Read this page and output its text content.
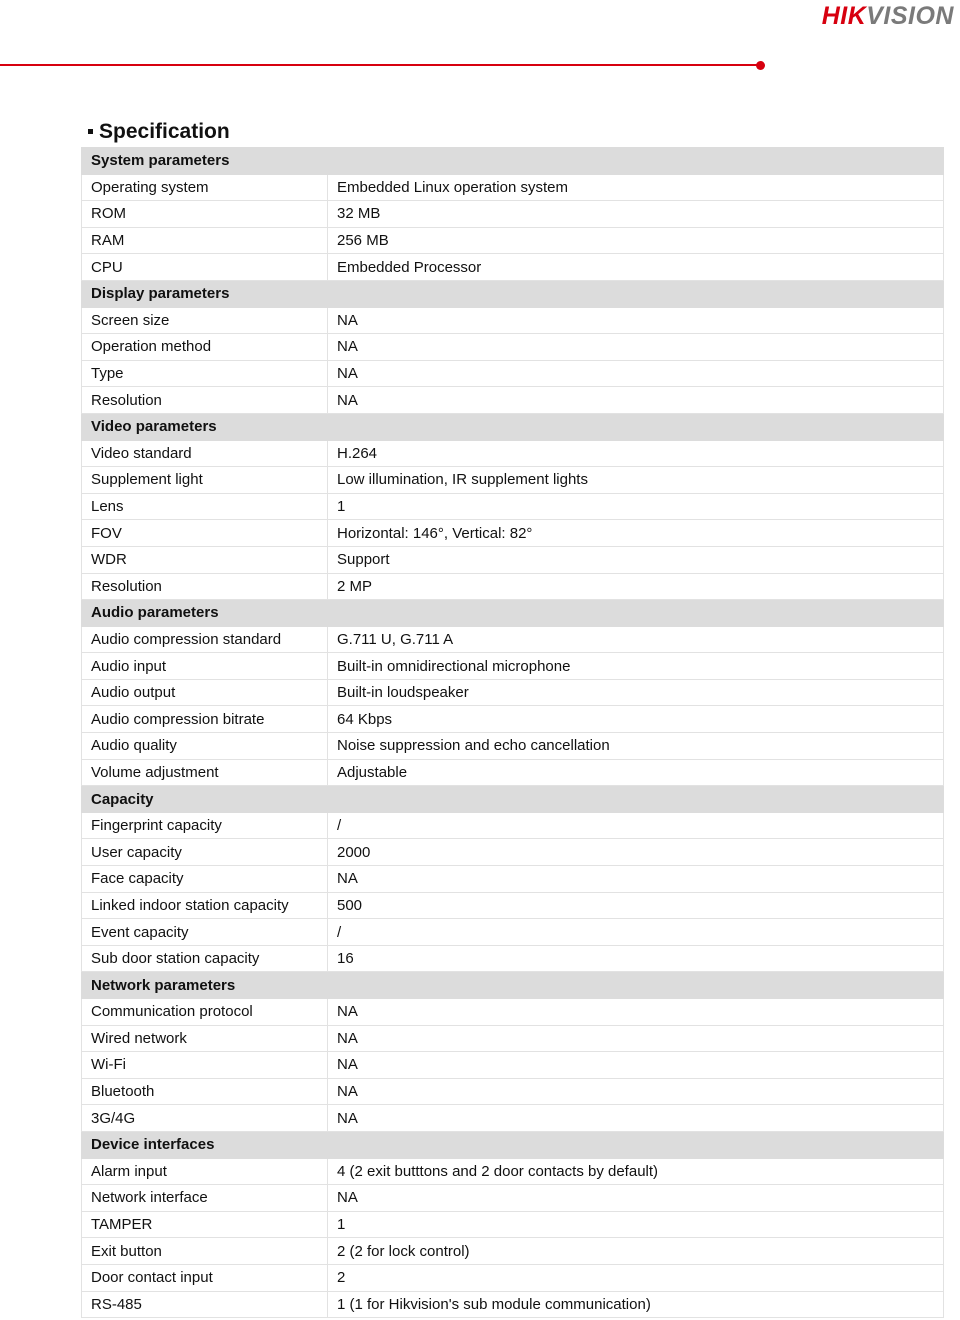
HIKVISION
Specification
System parameters	
Operating system	Embedded Linux operation system
ROM	32 MB
RAM	256 MB
CPU	Embedded Processor
Display parameters	
Screen size	NA
Operation method	NA
Type	NA
Resolution	NA
Video parameters	
Video standard	H.264
Supplement light	Low illumination, IR supplement lights
Lens	1
FOV	Horizontal: 146°, Vertical: 82°
WDR	Support
Resolution	2 MP
Audio parameters	
Audio compression standard	G.711 U, G.711 A
Audio input	Built-in omnidirectional microphone
Audio output	Built-in loudspeaker
Audio compression bitrate	64 Kbps
Audio quality	Noise suppression and echo cancellation
Volume adjustment	Adjustable
Capacity	
Fingerprint capacity	/
User capacity	2000
Face capacity	NA
Linked indoor station capacity	500
Event capacity	/
Sub door station capacity	16
Network parameters	
Communication protocol	NA
Wired network	NA
Wi-Fi	NA
Bluetooth	NA
3G/4G	NA
Device interfaces	
Alarm input	4 (2 exit butttons and 2 door contacts by default)
Network interface	NA
TAMPER	1
Exit button	2 (2 for lock control)
Door contact input	2
RS-485	1 (1 for Hikvision's sub module communication)
